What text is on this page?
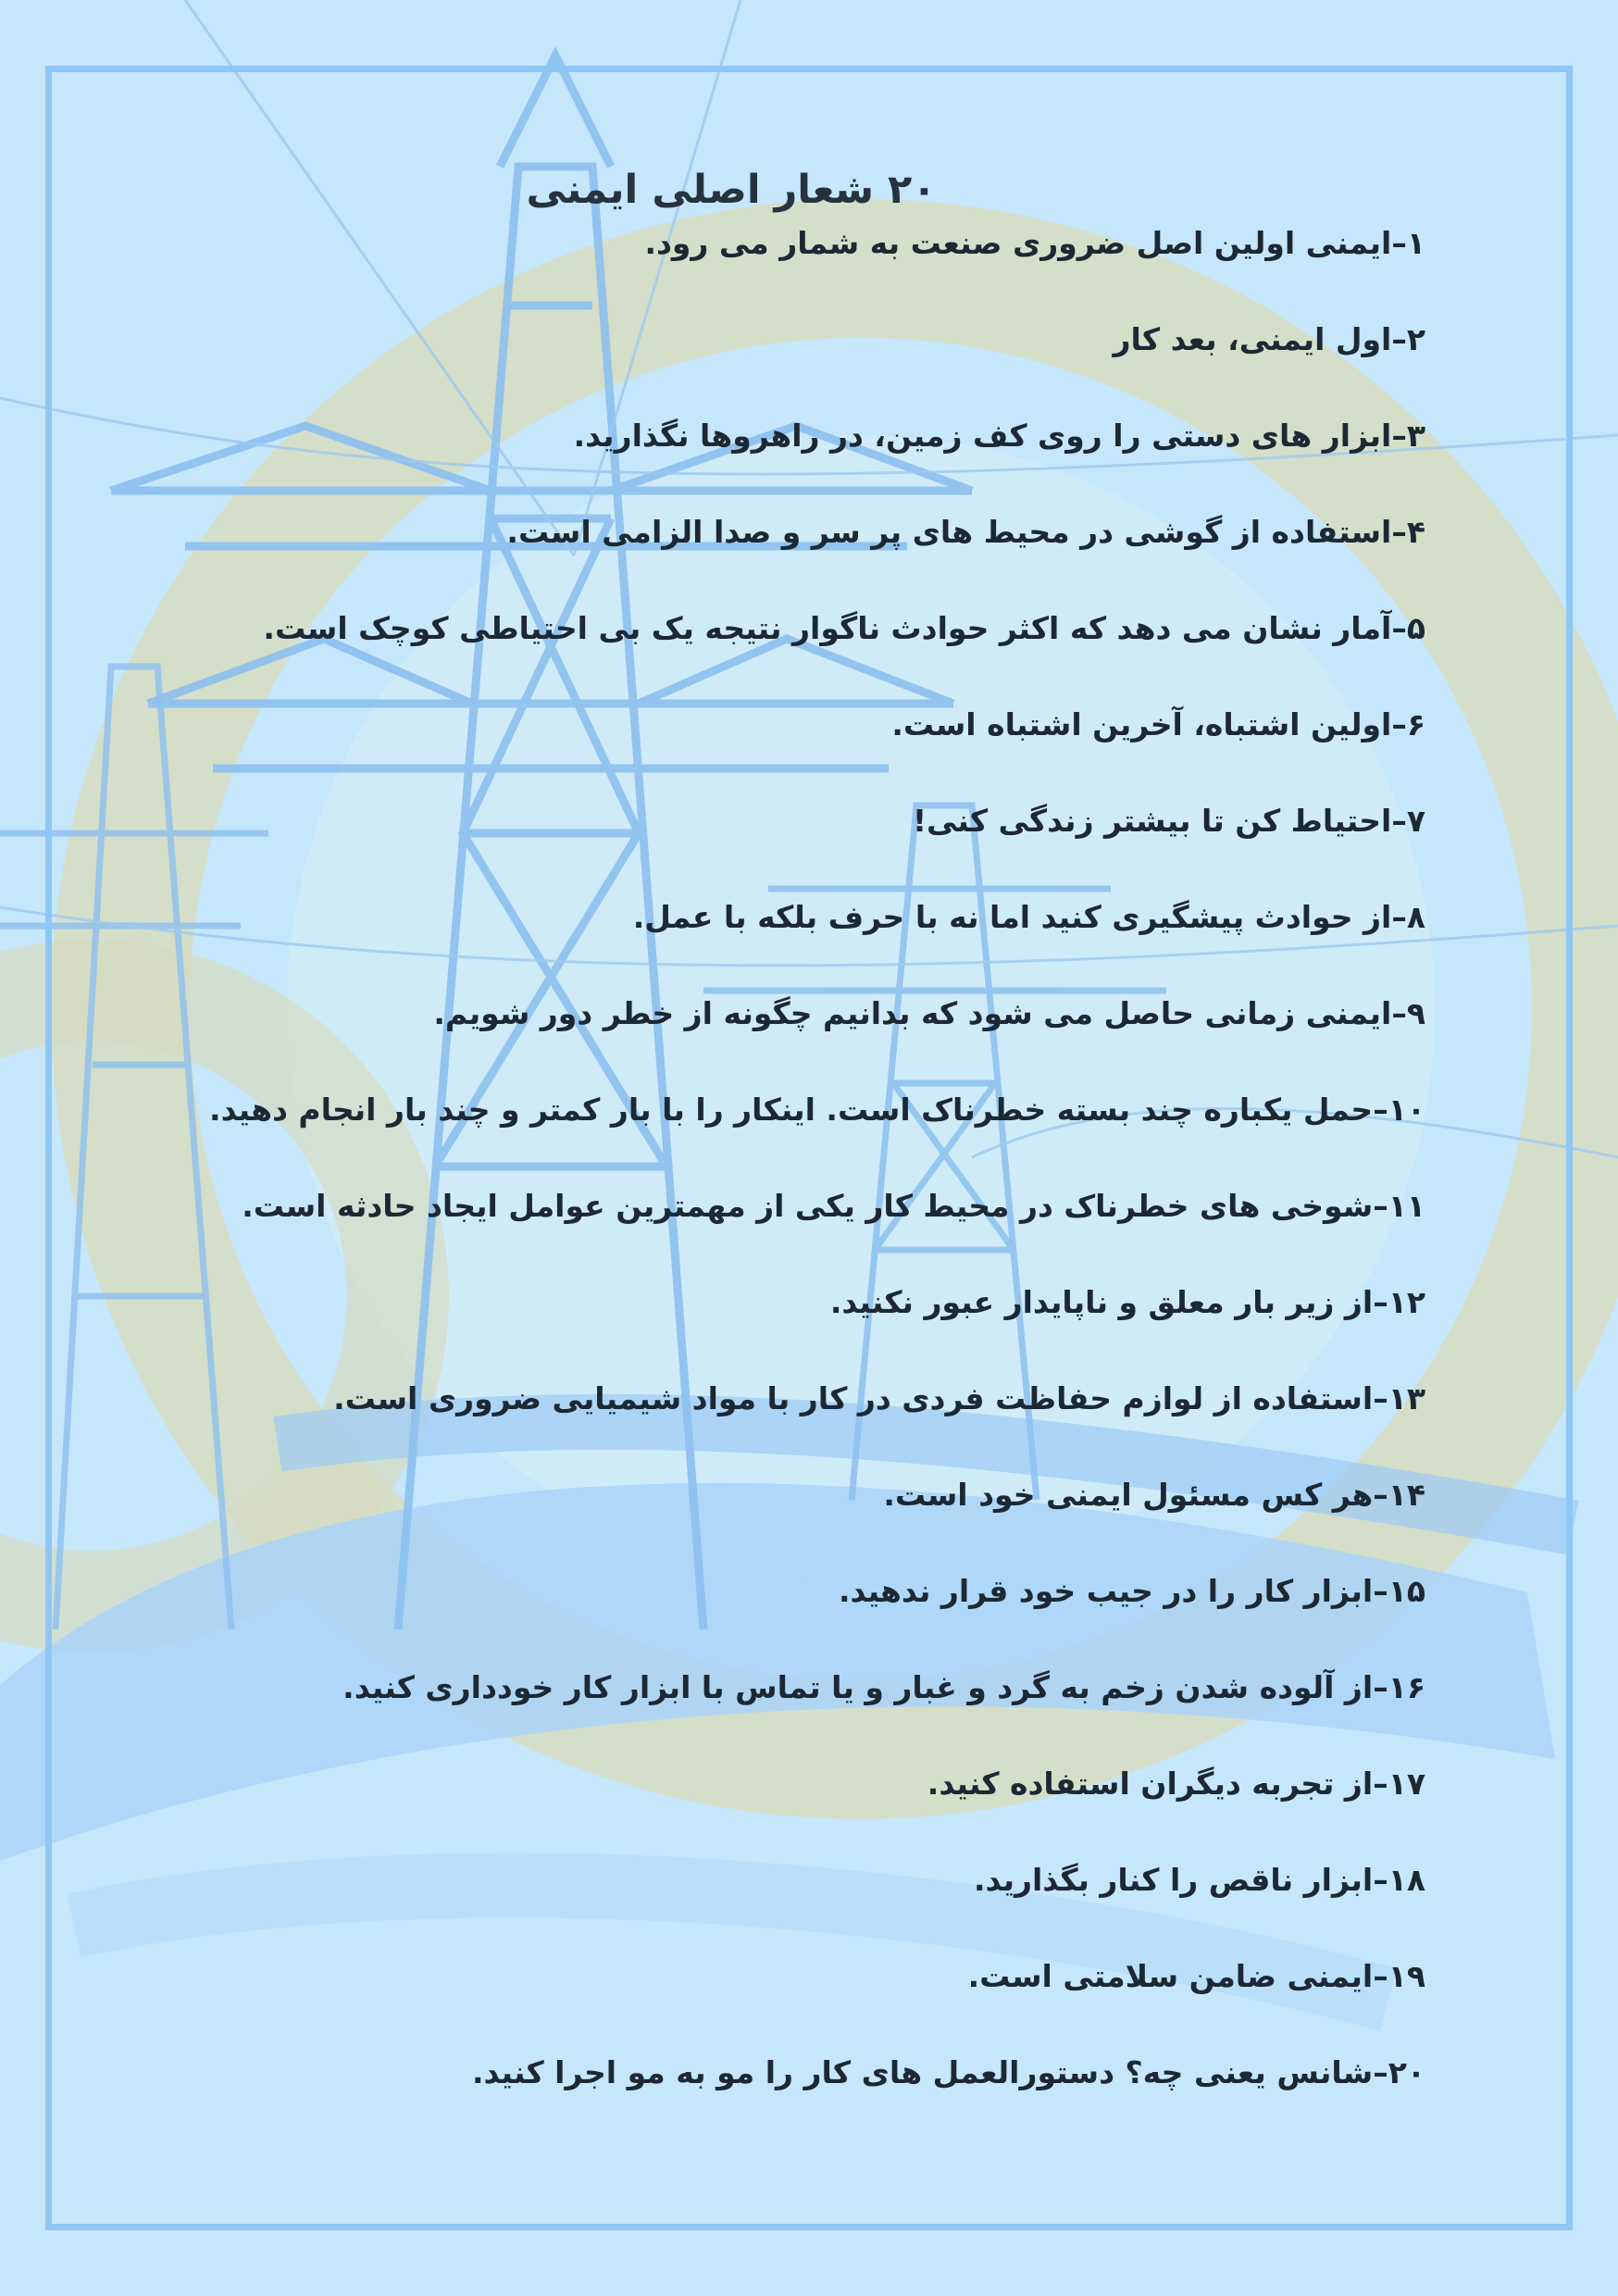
۲۰ شعار اصلی ایمنی
۱–ایمنی اولین اصل ضروری صنعت به شمار می رود.
۲–اول ایمنی، بعد کار
۳–ابزار های دستی را روی کف زمین، در راهروها نگذارید.
۴–استفاده از گوشی در محیط های پر سر و صدا الزامی است.
۵–آمار نشان می دهد که اکثر حوادث ناگوار نتیجه یک بی احتیاطی کوچک است.
۶–اولین اشتباه، آخرین اشتباه است.
۷–احتیاط کن تا بیشتر زندگی کنی!
۸–از حوادث پیشگیری کنید اما نه با حرف بلکه با عمل.
۹–ایمنی زمانی حاصل می شود که بدانیم چگونه از خطر دور شویم.
۱۰–حمل یکباره چند بسته خطرناک است. اینکار را با بار کمتر و چند بار انجام دهید.
۱۱–شوخی های خطرناک در محیط کار یکی از مهمترین عوامل ایجاد حادثه است.
۱۲–از زیر بار معلق و ناپایدار عبور نکنید.
۱۳–استفاده از لوازم حفاظت فردی در کار با مواد شیمیایی ضروری است.
۱۴–هر کس مسئول ایمنی خود است.
۱۵–ابزار کار را در جیب خود قرار ندهید.
۱۶–از آلوده شدن زخم به گرد و غبار و یا تماس با ابزار کار خودداری کنید.
۱۷–از تجربه دیگران استفاده کنید.
۱۸–ابزار ناقص را کنار بگذارید.
۱۹–ایمنی ضامن سلامتی است.
۲۰–شانس یعنی چه؟ دستورالعمل های کار را مو به مو اجرا کنید.
